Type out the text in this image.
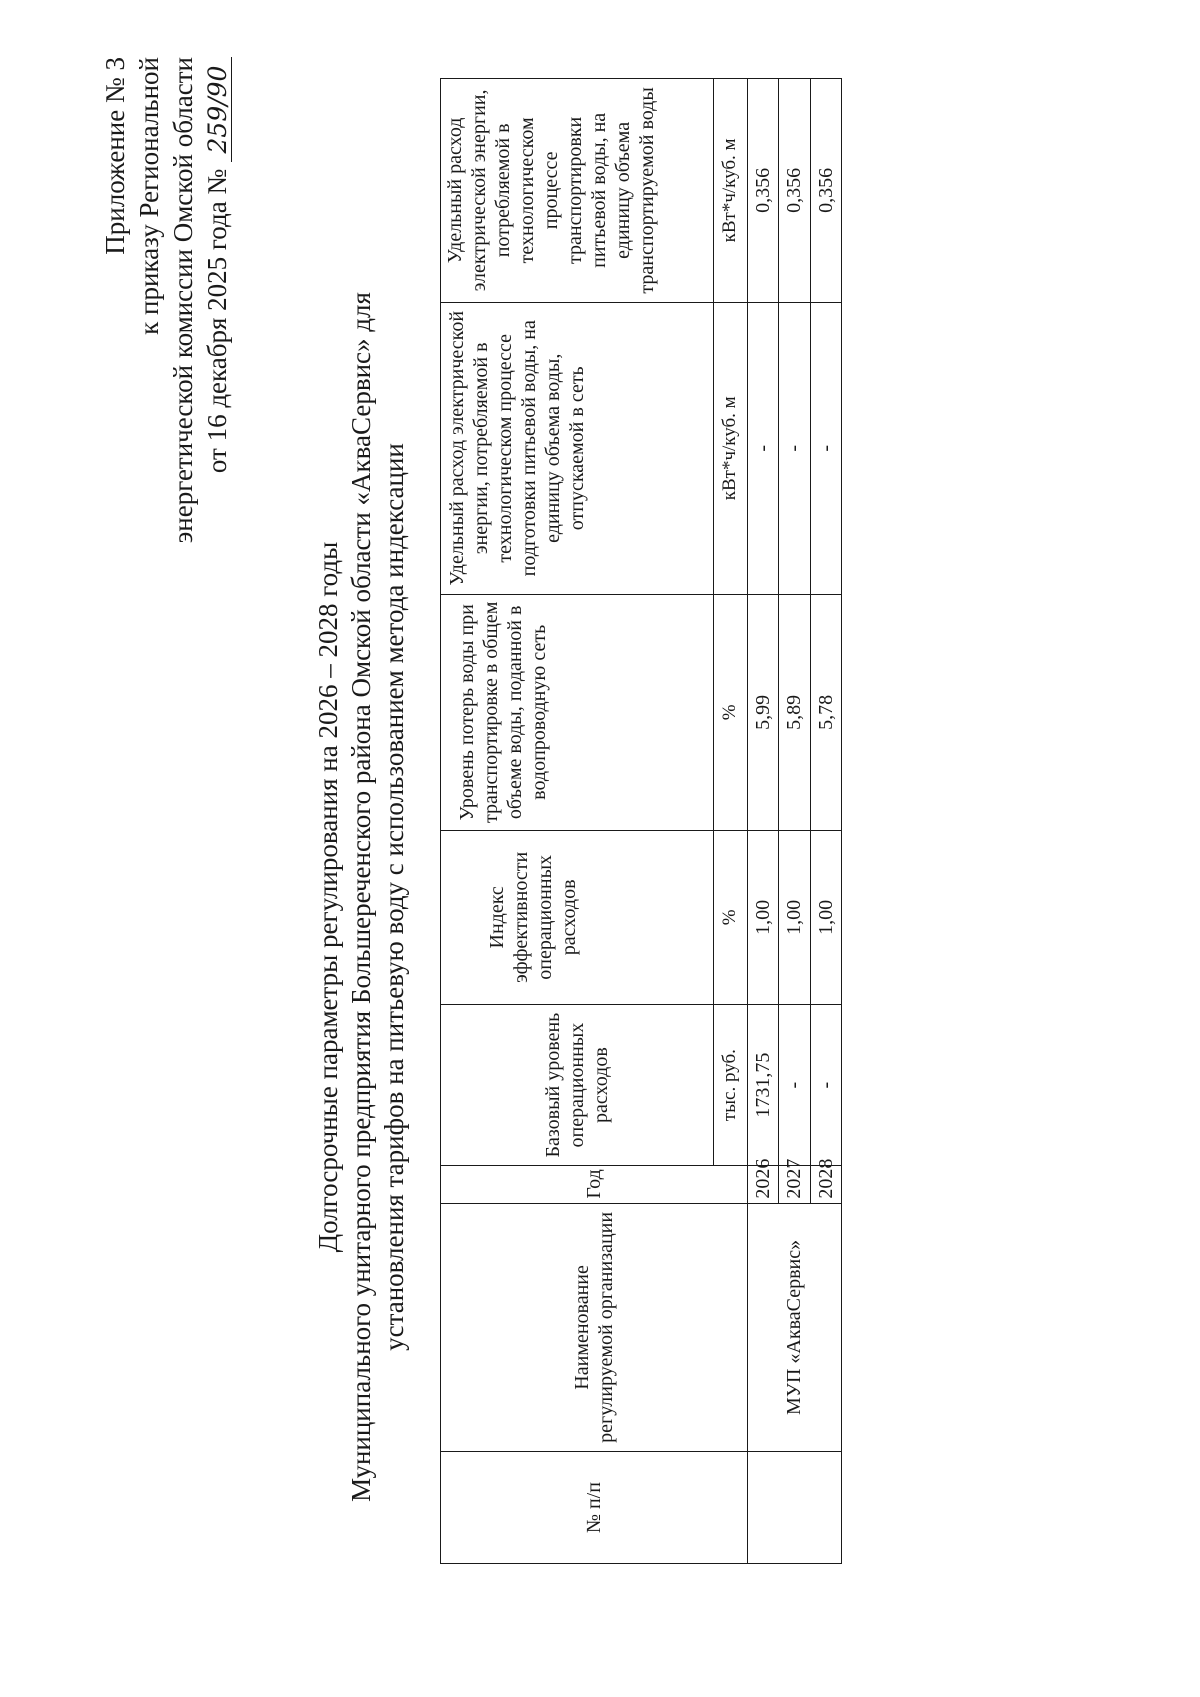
Приложение № 3 к приказу Региональной энергетической комиссии Омской области от 16 декабря 2025 года № 259/90
Долгосрочные параметры регулирования на 2026 – 2028 годы Муниципального унитарного предприятия Большереченского района Омской области «АкваСервис» для установления тарифов на питьевую воду с использованием метода индексации
№ п/п	Наименование регулируемой организации	Год	Базовый уровень операционных расходов	Индекс эффективности операционных расходов	Уровень потерь воды при транспортировке в общем объеме воды, поданной в водопроводную сеть	Удельный расход электрической энергии, потребляемой в технологическом процессе подготовки питьевой воды, на единицу объема воды, отпускаемой в сеть	Удельный расход электрической энергии, потребляемой в технологическом процессе транспортировки питьевой воды, на единицу объема транспортируемой воды
			тыс. руб.	%	%	кВт*ч/куб. м	кВт*ч/куб. м
	МУП «АкваСервис»	2026	1731,75	1,00	5,99	-	0,356
		2027	-	1,00	5,89	-	0,356
		2028	-	1,00	5,78	-	0,356
